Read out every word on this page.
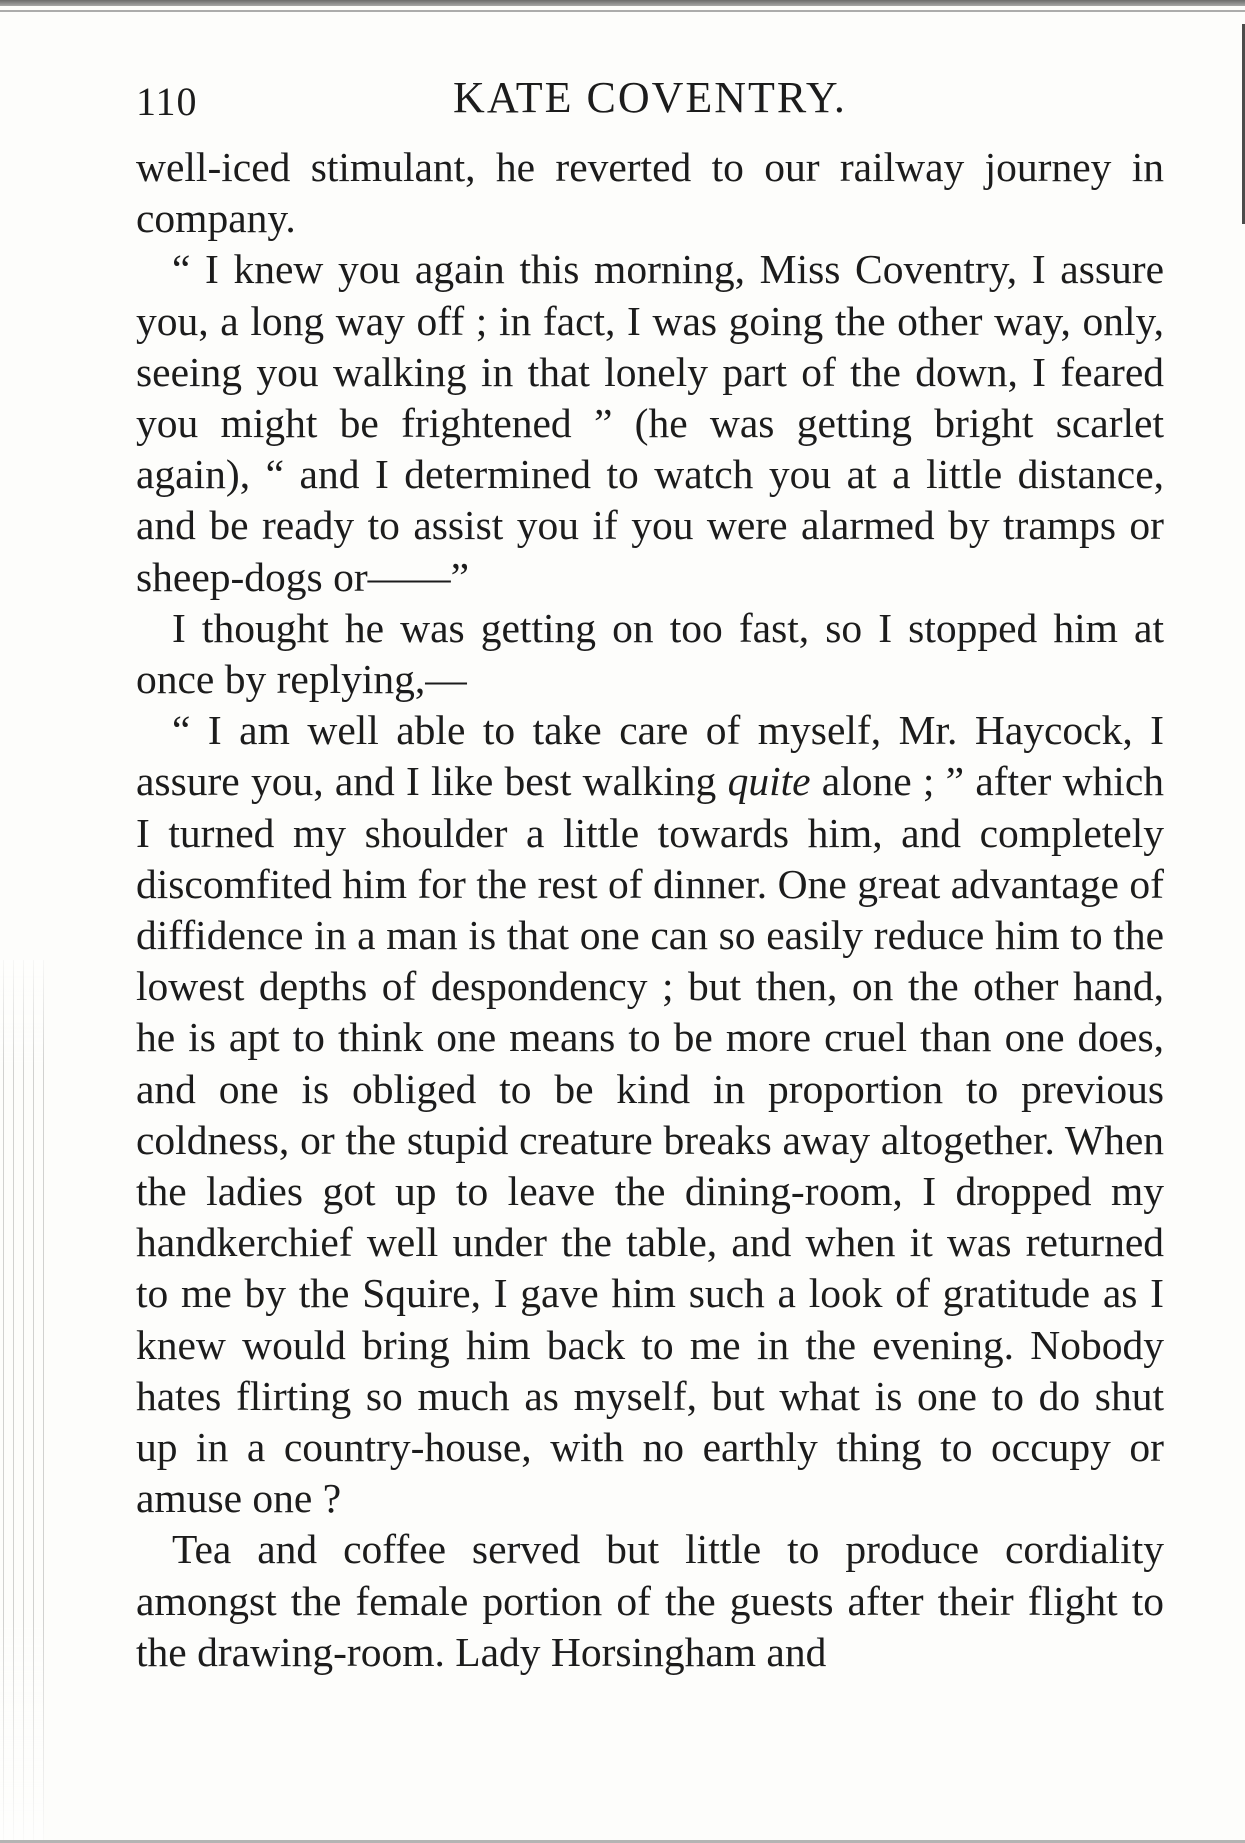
110	KATE COVENTRY.

well-iced stimulant, he reverted to our railway journey in company.

“ I knew you again this morning, Miss Coventry, I assure you, a long way off ; in fact, I was going the other way, only, seeing you walking in that lonely part of the down, I feared you might be frightened ” (he was getting bright scarlet again), “ and I determined to watch you at a little distance, and be ready to assist you if you were alarmed by tramps or sheep-dogs or——”

I thought he was getting on too fast, so I stopped him at once by replying,—

“ I am well able to take care of myself, Mr. Haycock, I assure you, and I like best walking quite alone ; ” after which I turned my shoulder a little towards him, and completely discomfited him for the rest of dinner. One great advantage of diffidence in a man is that one can so easily reduce him to the lowest depths of despondency ; but then, on the other hand, he is apt to think one means to be more cruel than one does, and one is obliged to be kind in proportion to previous coldness, or the stupid creature breaks away altogether. When the ladies got up to leave the dining-room, I dropped my handkerchief well under the table, and when it was returned to me by the Squire, I gave him such a look of gratitude as I knew would bring him back to me in the evening. Nobody hates flirting so much as myself, but what is one to do shut up in a country-house, with no earthly thing to occupy or amuse one ?

Tea and coffee served but little to produce cordiality amongst the female portion of the guests after their flight to the drawing-room. Lady Horsingham and
